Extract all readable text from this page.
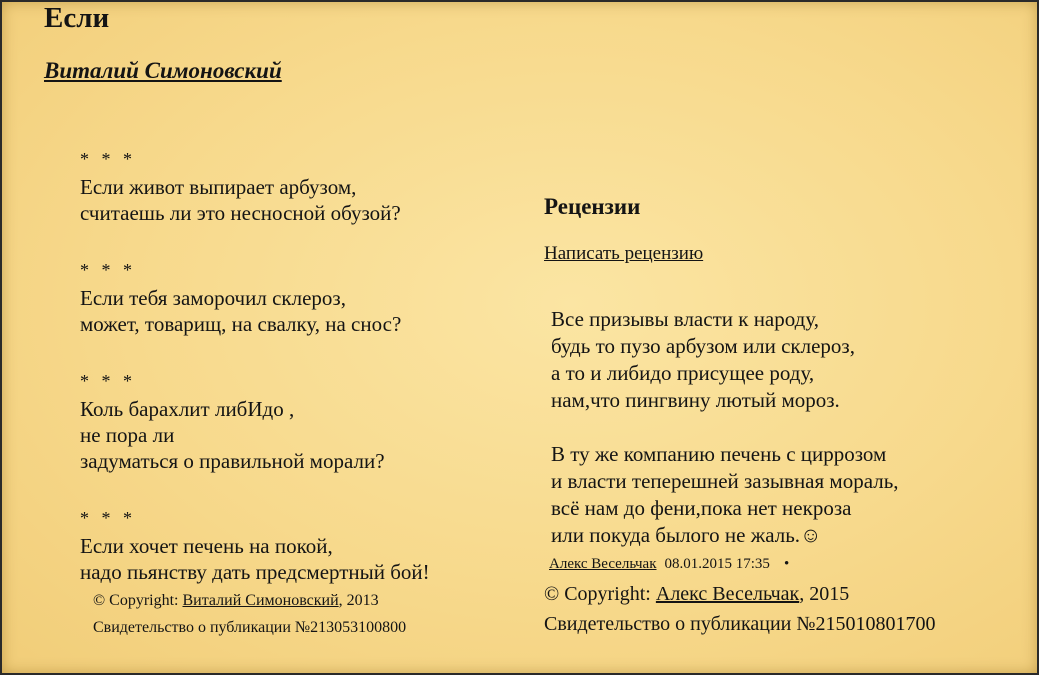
Если
Виталий Симоновский
* * *
Если живот выпирает арбузом,
считаешь ли это несносной обузой?
* * *
Если тебя заморочил склероз,
может, товарищ, на свалку, на снос?
* * *
Коль барахлит либИдо ,
не пора ли
задуматься о правильной морали?
* * *
Если хочет печень на покой,
надо пьянству дать предсмертный бой!
© Copyright: Виталий Симоновский, 2013
Свидетельство о публикации №213053100800
Рецензии
Написать рецензию
Все призывы власти к народу,
будь то пузо арбузом или склероз,
а то и либидо присущее роду,
нам,что пингвину лютый мороз.
В ту же компанию печень с циррозом
и власти теперешней зазывная мораль,
всё нам до фени,пока нет некроза
или покуда былого не жаль.☺
Алекс Весельчак 08.01.2015 17:35 •
© Copyright: Алекс Весельчак, 2015
Свидетельство о публикации №215010801700
